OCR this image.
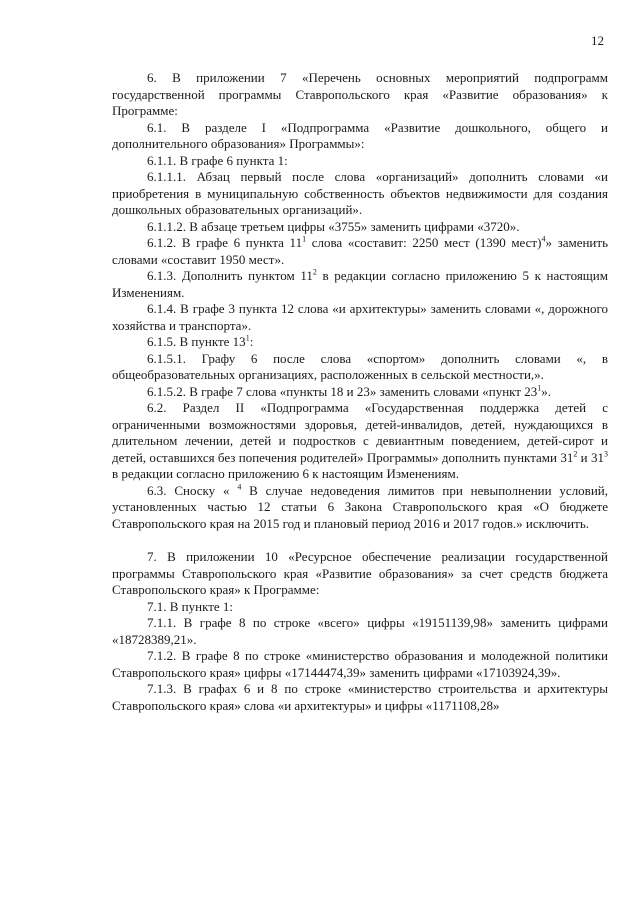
12

6. В приложении 7 «Перечень основных мероприятий подпрограмм государственной программы Ставропольского края «Развитие образования» к Программе:

6.1. В разделе I «Подпрограмма «Развитие дошкольного, общего и дополнительного образования» Программы»:

6.1.1. В графе 6 пункта 1:

6.1.1.1. Абзац первый после слова «организаций» дополнить словами «и приобретения в муниципальную собственность объектов недвижимости для создания дошкольных образовательных организаций».

6.1.1.2. В абзаце третьем цифры «3755» заменить цифрами «3720».

6.1.2. В графе 6 пункта $11^1$ слова «составит: 2250 мест (1390 мест)$^4$» заменить словами «составит 1950 мест».

6.1.3. Дополнить пунктом $11^2$ в редакции согласно приложению 5 к настоящим Изменениям.

6.1.4. В графе 3 пункта 12 слова «и архитектуры» заменить словами «, дорожного хозяйства и транспорта».

6.1.5. В пункте $13^1$:

6.1.5.1. Графу 6 после слова «спортом» дополнить словами «, в общеобразовательных организациях, расположенных в сельской местности,».

6.1.5.2. В графе 7 слова «пункты 18 и 23» заменить словами «пункт $23^1$».

6.2. Раздел II «Подпрограмма «Государственная поддержка детей с ограниченными возможностями здоровья, детей-инвалидов, детей, нуждающихся в длительном лечении, детей и подростков с девиантным поведением, детей-сирот и детей, оставшихся без попечения родителей» Программы» дополнить пунктами $31^2$ и $31^3$ в редакции согласно приложению 6 к настоящим Изменениям.

6.3. Сноску « $^4$ В случае недоведения лимитов при невыполнении условий, установленных частью 12 статьи 6 Закона Ставропольского края «О бюджете Ставропольского края на 2015 год и плановый период 2016 и 2017 годов.» исключить.

7. В приложении 10 «Ресурсное обеспечение реализации государственной программы Ставропольского края «Развитие образования» за счет средств бюджета Ставропольского края» к Программе:

7.1. В пункте 1:

7.1.1. В графе 8 по строке «всего» цифры «19151139,98» заменить цифрами «18728389,21».

7.1.2. В графе 8 по строке «министерство образования и молодежной политики Ставропольского края» цифры «17144474,39» заменить цифрами «17103924,39».

7.1.3. В графах 6 и 8 по строке «министерство строительства и архитектуры Ставропольского края» слова «и архитектуры» и цифры «1171108,28»
